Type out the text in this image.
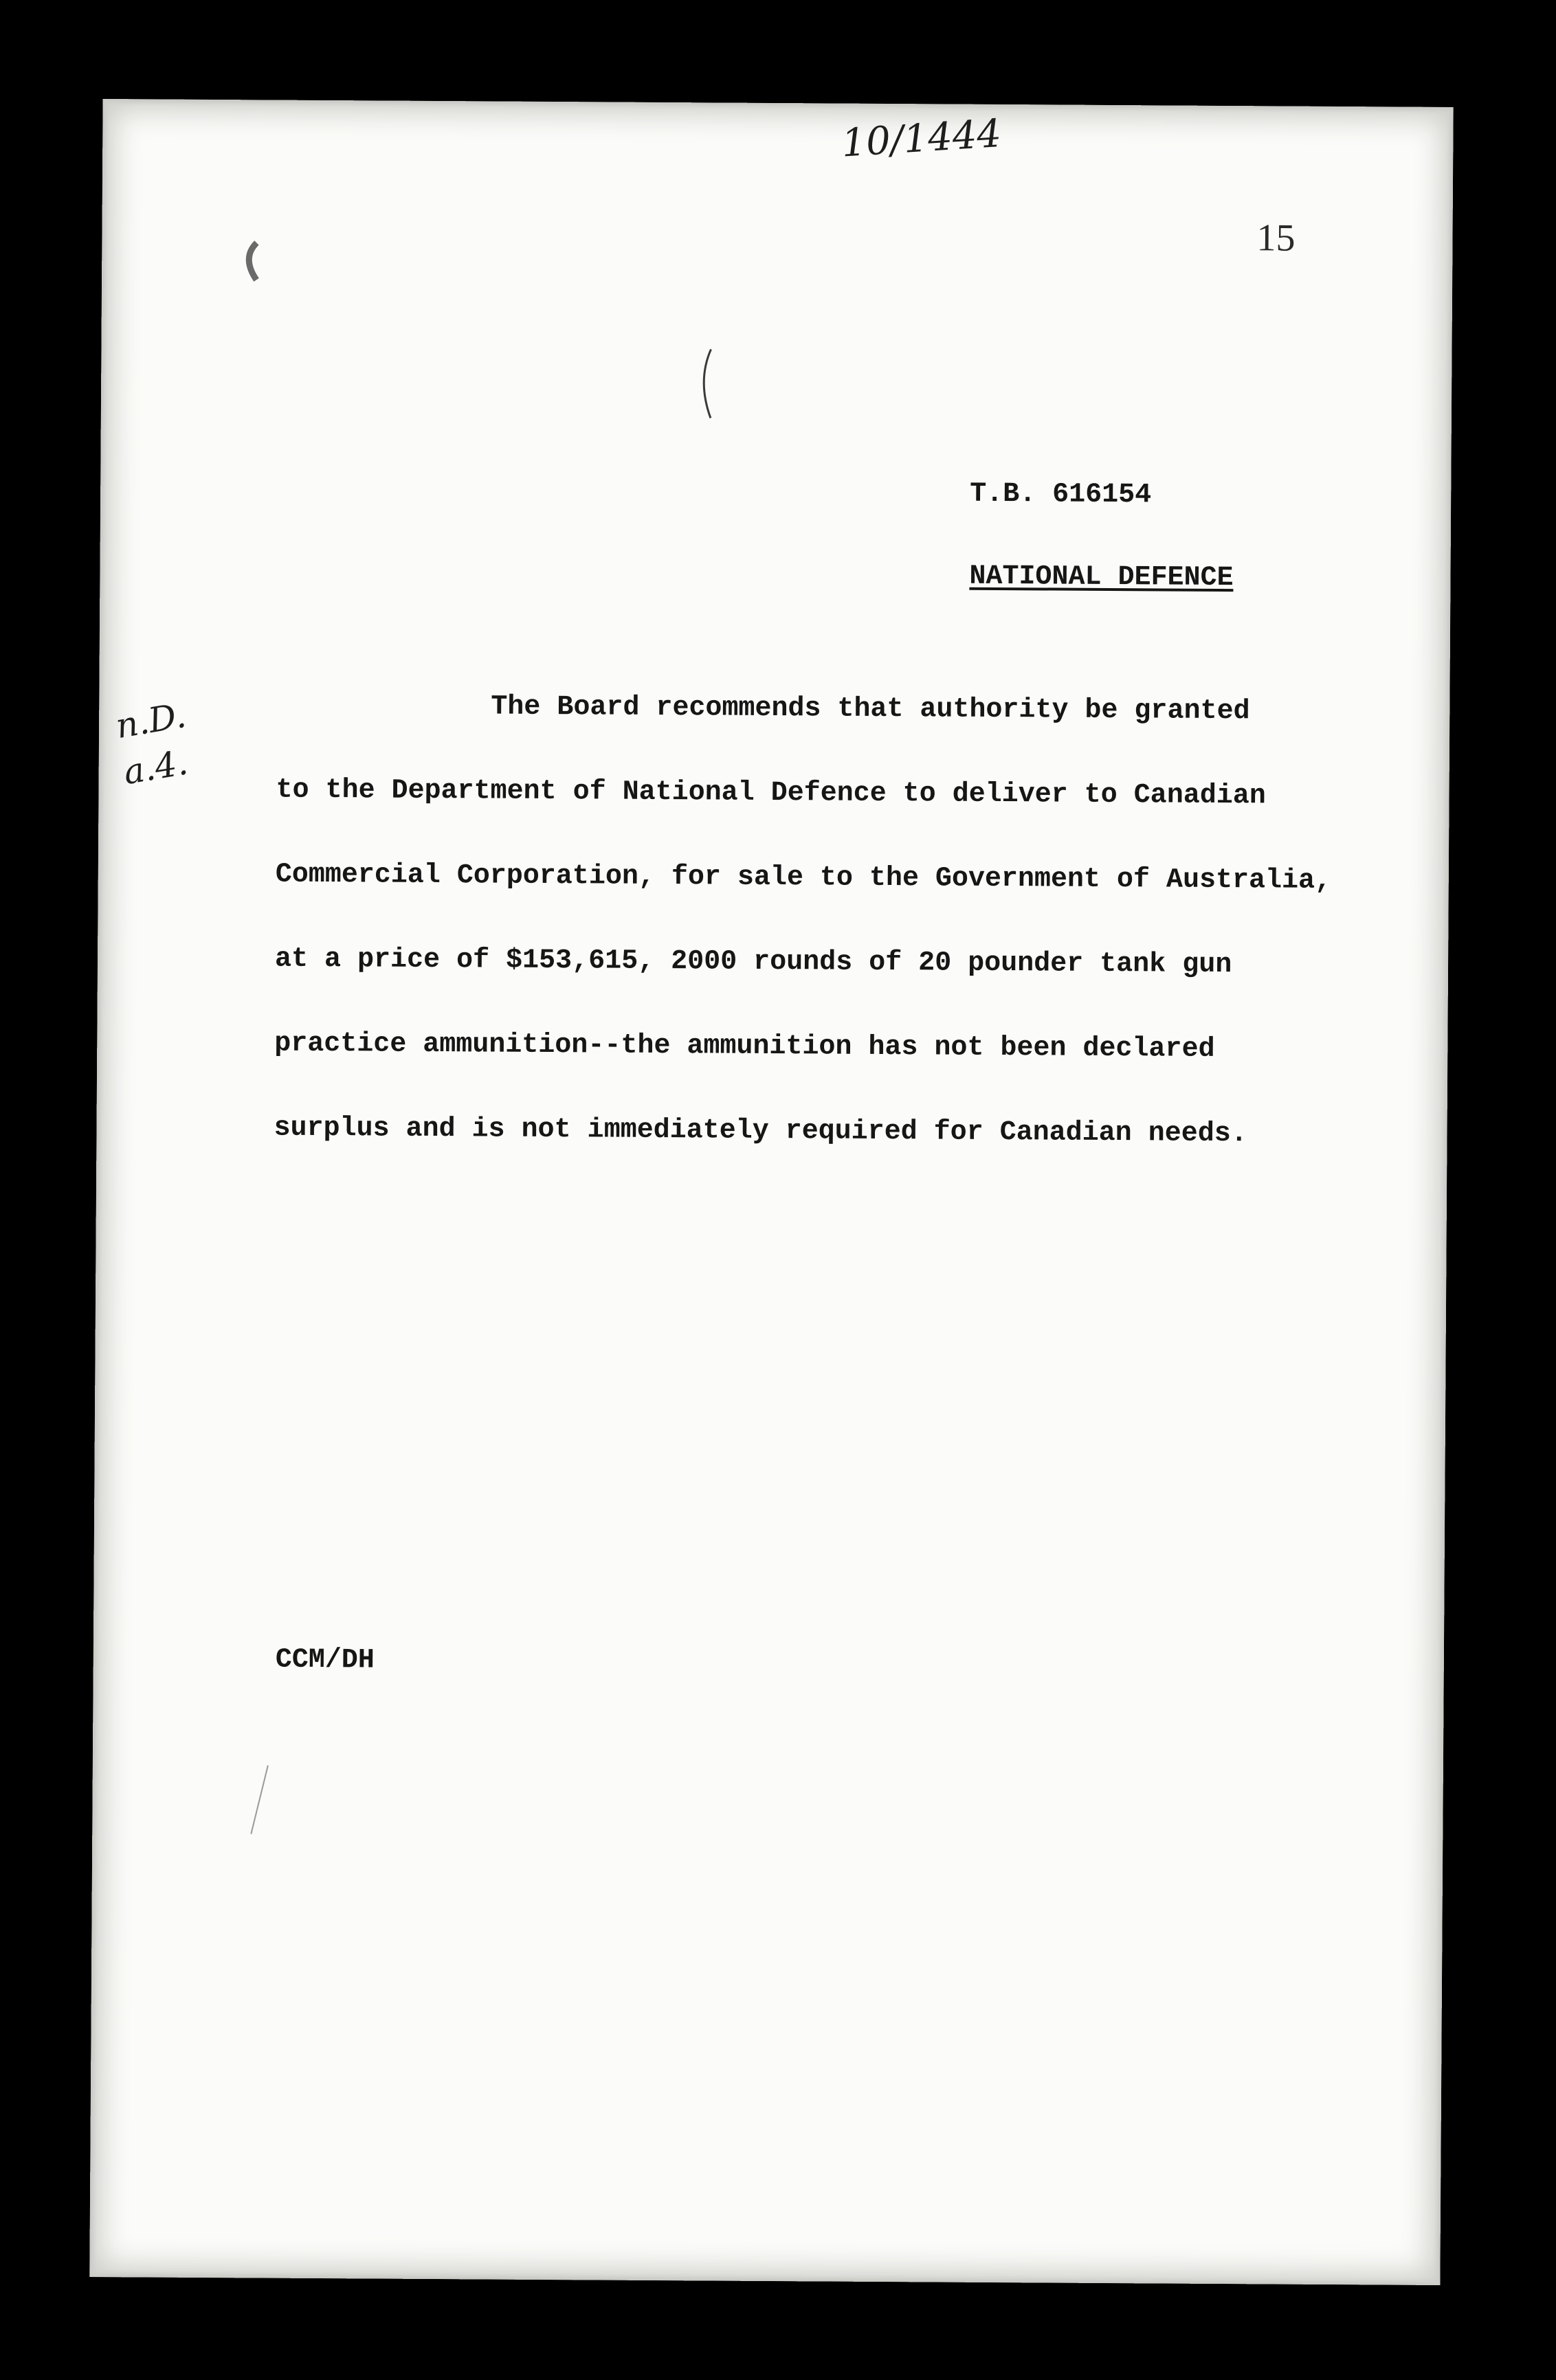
10/1444

15

n.D.
a.4.

T.B. 616154

NATIONAL DEFENCE

The Board recommends that authority be granted
to the Department of National Defence to deliver to Canadian
Commercial Corporation, for sale to the Government of Australia,
at a price of $153,615, 2000 rounds of 20 pounder tank gun
practice ammunition--the ammunition has not been declared
surplus and is not immediately required for Canadian needs.

CCM/DH
